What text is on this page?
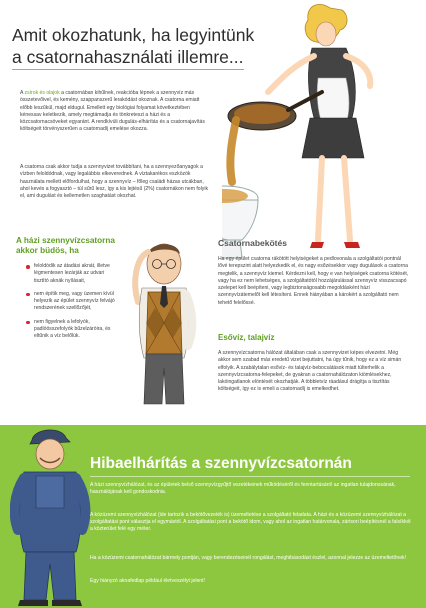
Amit okozhatunk, ha legyintünk
a csatornahasználati illemre...

A zsírok és olajok a csatornában kihűlnek, reakcióba lépnek a szennyvíz más összetevőivel, és kemény, szappanszerű lerakódást okoznak. A csatorna emiatt előbb leszűkül, majd eldugul. Emellett egy biológiai folyamat következtében kénessav keletkezik, amely megtámadja és tönkreteszi a házi és a közcsatornacsöveket egyaránt. A rendkívüli dugulás-elhárítás és a csatornajavítás költségeit törvényszerűen a csatornadíj emelése okozza.

A csatorna csak akkor tudja a szennyvizet továbbítani, ha a szennyezőanyagok a vízben feloldódnak, vagy legalábbis elkeverednek. A víztakarékos eszközök használata mellett előfordulhat, hogy a szennyvíz – főleg családi házas utcákban, ahol kevés a fogyasztó – túl sűrű lesz, így a kis lejtésű (2%) csatornákon nem folyik el, ami dugulást és kellemetlen szaghatást okozhat.

A házi szennyvízcsatorna akkor büdös, ha
feloldódik az átadási aknát, illetve légmentesen lezárják az udvari tisztító aknák nyílásait,
nem építik meg, vagy üzemen kívül helyezik az épület szennyvíz felvájó rendszerének szellőzőjét,
nem figyelnek a lefolyók, padlóösszefolyók bűzelzáróira, és eltűnik a víz belőlük.
Csatornabekötés

Ha egy épület csatorna rákötött helyiségeket a pedlovonala a szolgáltatói pontnál lővé terepszint alatt helyezkedik el, és nagy esőzésekkor vagy dugulások a csatorna megtelik, a szennyvíz kiemel. Kérdezni kell, hogy e van helyiségek csatorna kötését, vagy ha ez nem lehetséges, a szolgáltatótól hozzájárulással szennyvíz visszacsapó szelepet kell beépíteni, vagy legbiztonságosabb megoldásként házi szennyvízátemelőt kell létesíteni. Ennek hiányában a károkért a szolgáltató nem tehető felelőssé.

Esővíz, talajvíz

A szennyvízcsatorna hálózat általában csak a szennyvizet képes elvezetni. Még akkor sem szabad más eredetű vizet bejuttatni, ha úgy tűnik, hogy ez a víz simán elfolyik. A szabálytalan esővíz- és talajvíz-bebocsátások miatt túlterhelik a szennyvízcsatorna-felepeket, de gyakran a csatornahálózaton kiömlésekhez, lakóingatlanok elöntését okozhatják. A többletvíz ráadásul drágítja a tisztítás költségeit, így ez is emeli a csatornadíj is emelkedhet.

Hibaelhárítás a szennyvízcsatornán

A házi szennyvízhálózat, és az épületek belső szennyvízgyűjtő vezetékeinek működéséről és fenntartásáról az ingatlan tulajdonosának, használójának kell gondoskodnia.

A közüzemi szennyvízhálózat (ide tartozik a bekötővezeték is) üzemeltetése a szolgáltató feladata. A házi és a közüzemi szennyvízhálózat a szolgáltatási pont választja el egymástól. A szolgáltatási pont a bekötő idom, vagy ahol az ingatlan határvonala, zártsori beépítésnél a falsíkkól a közterület felé egy méter.

Ha a közüzemi csatornahálózat bármely pontján, vagy berendezéseinél rongálást, meghibásodást észlel, azonnal jelezze az üzemeltetőnek!

Egy hiányzó aknafedlap például életveszélyt jelent!
